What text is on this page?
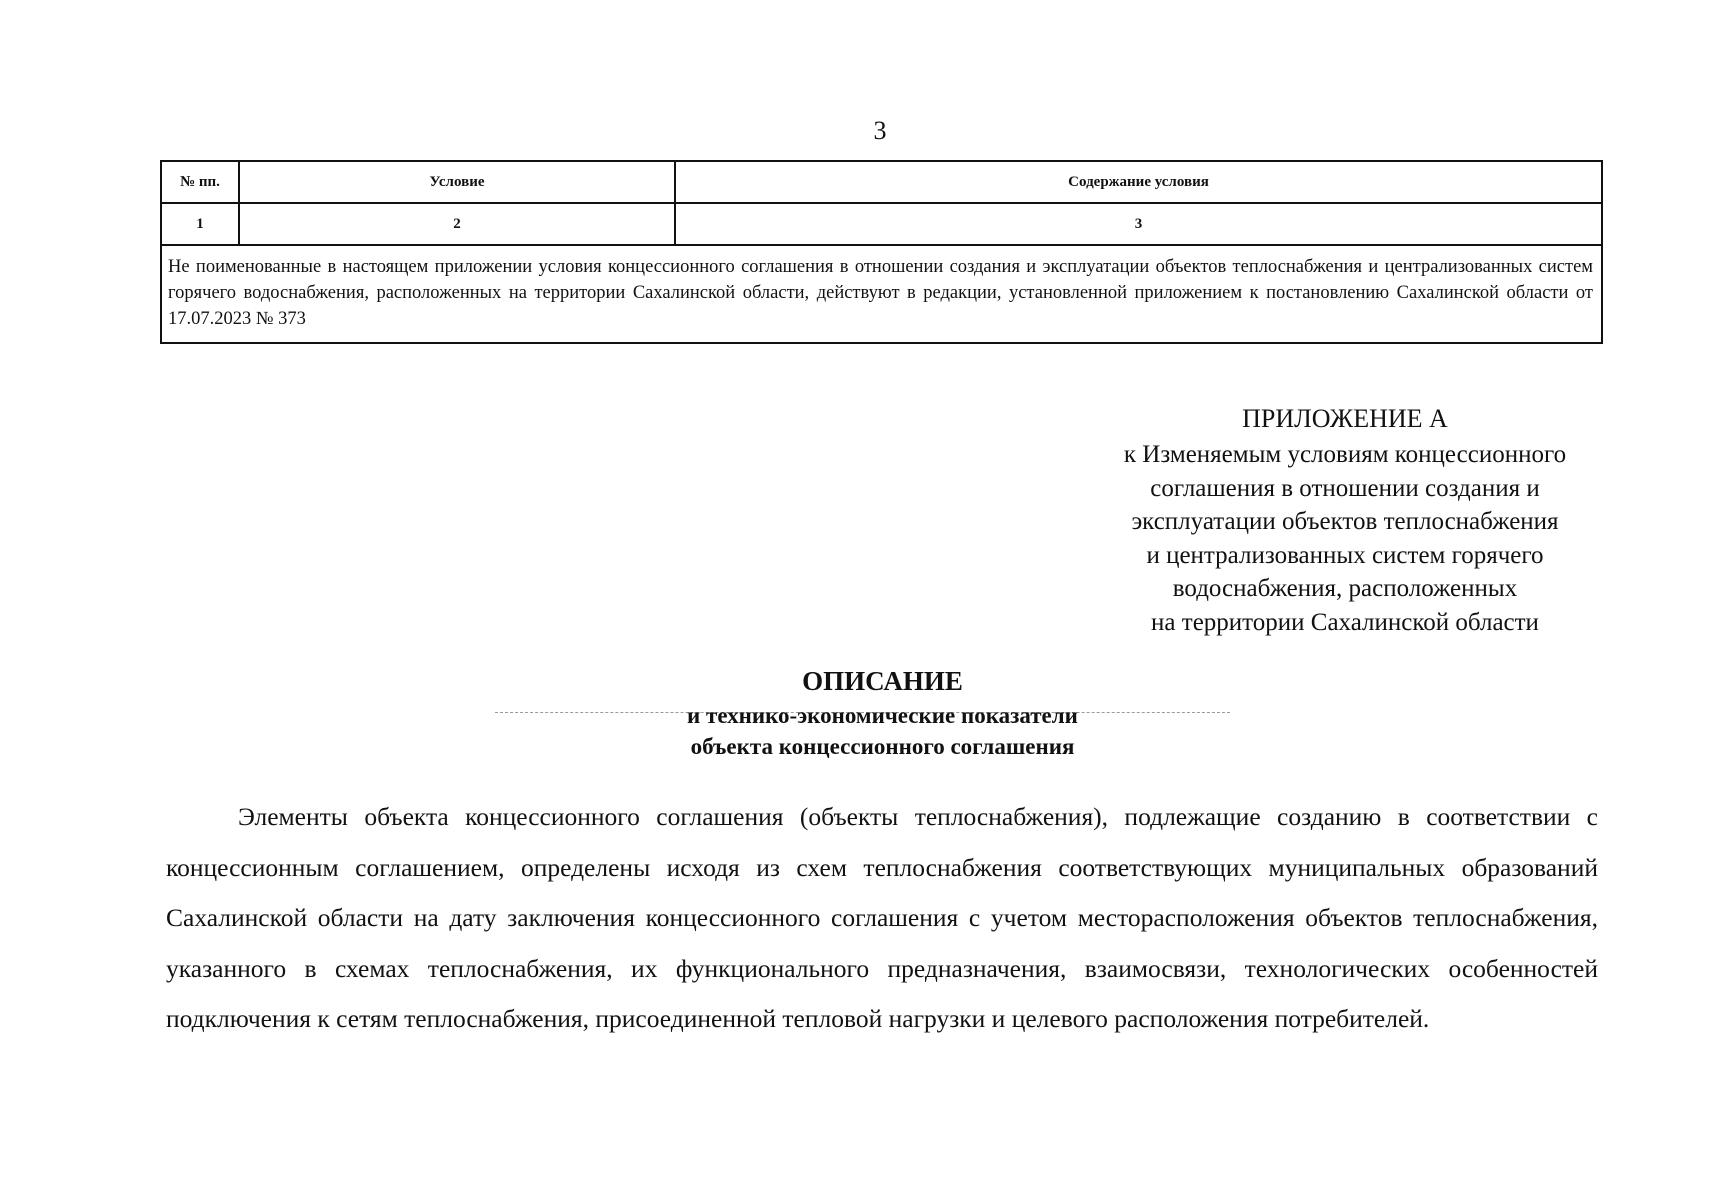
3
№ пп.	Условие	Содержание условия
1	2	3
Не поименованные в настоящем приложении условия концессионного соглашения в отношении создания и эксплуатации объектов теплоснабжения и централизованных систем горячего водоснабжения, расположенных на территории Сахалинской области, действуют в редакции, установленной приложением к постановлению Сахалинской области от 17.07.2023 № 373		
ПРИЛОЖЕНИЕ А
к Изменяемым условиям концессионного
соглашения в отношении создания и
эксплуатации объектов теплоснабжения
и централизованных систем горячего
водоснабжения, расположенных
на территории Сахалинской области
ОПИСАНИЕ
и технико-экономические показатели
объекта концессионного соглашения
Элементы объекта концессионного соглашения (объекты теплоснабжения), подлежащие созданию в соответствии с концессионным соглашением, определены исходя из схем теплоснабжения соответствующих муниципальных образований Сахалинской области на дату заключения концессионного соглашения с учетом месторасположения объектов теплоснабжения, указанного в схемах теплоснабжения, их функционального предназначения, взаимосвязи, технологических особенностей подключения к сетям теплоснабжения, присоединенной тепловой нагрузки и целевого расположения потребителей.
